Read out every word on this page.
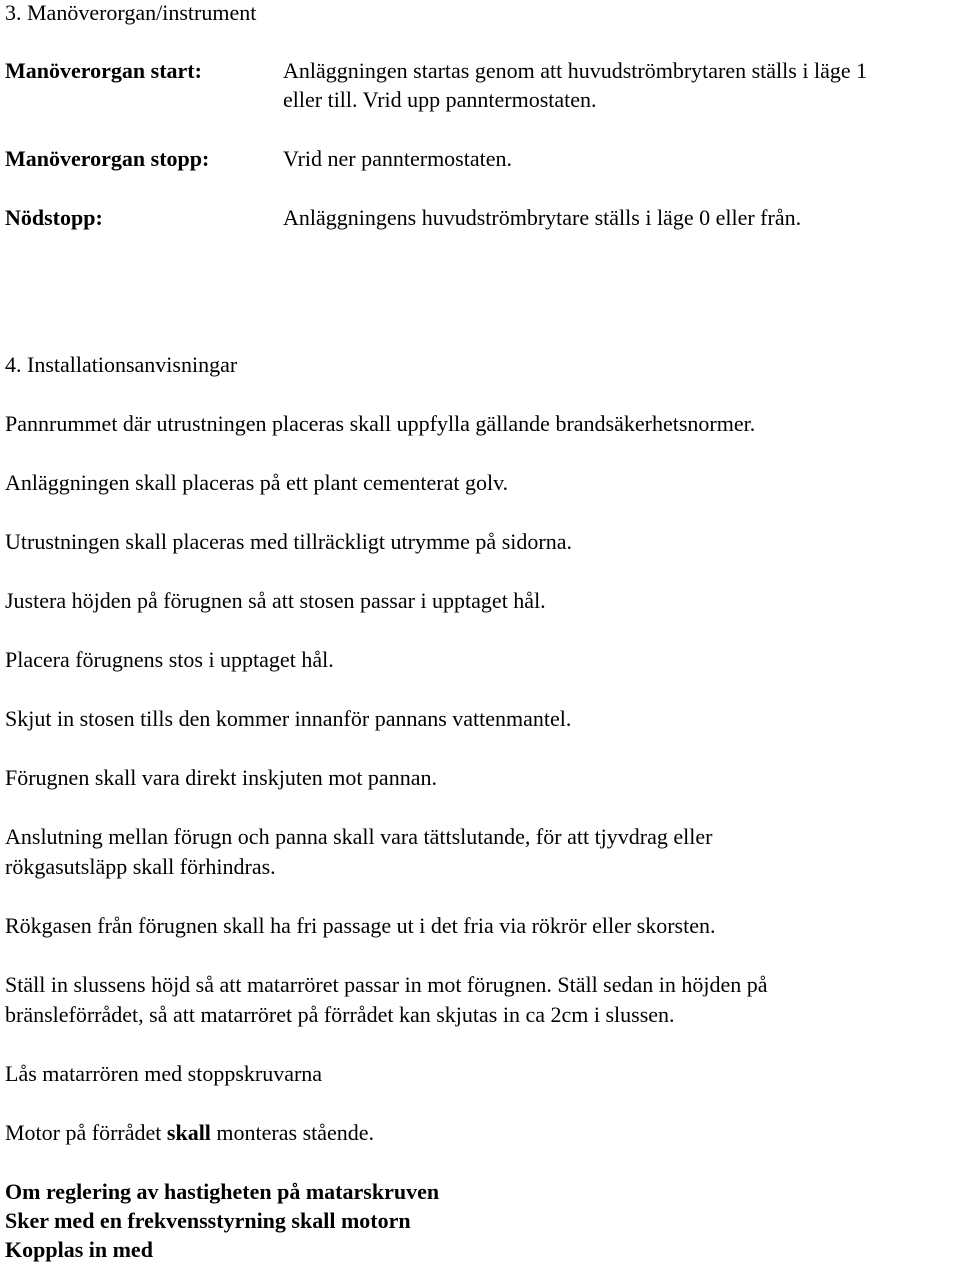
3. Manöverorgan/instrument
Manöverorgan start:	Anläggningen startas genom att huvudströmbrytaren ställs i läge 1
eller till. Vrid upp panntermostaten.
Manöverorgan stopp:	Vrid ner panntermostaten.
Nödstopp:	Anläggningens huvudströmbrytare ställs i läge 0 eller från.
4. Installationsanvisningar
Pannrummet där utrustningen placeras skall uppfylla gällande brandsäkerhetsnormer.
Anläggningen skall placeras på ett plant cementerat golv.
Utrustningen skall placeras med tillräckligt utrymme på sidorna.
Justera höjden på förugnen så att stosen passar i upptaget hål.
Placera förugnens stos i upptaget hål.
Skjut in stosen tills den kommer innanför pannans vattenmantel.
Förugnen skall vara direkt inskjuten mot pannan.
Anslutning mellan förugn och panna skall vara tättslutande, för att tjyvdrag eller
rökgasutsläpp skall förhindras.
Rökgasen från förugnen skall ha fri passage ut i det fria via rökrör eller skorsten.
Ställ in slussens höjd så att matarröret passar in mot förugnen. Ställ sedan in höjden på
bränsleförrådet, så att matarröret på förrådet kan skjutas in ca 2cm i slussen.
Lås matarrören med stoppskruvarna
Motor på förrådet skall monteras stående.
Om reglering av hastigheten på matarskruven
Sker med en frekvensstyrning skall motorn
Kopplas in med
